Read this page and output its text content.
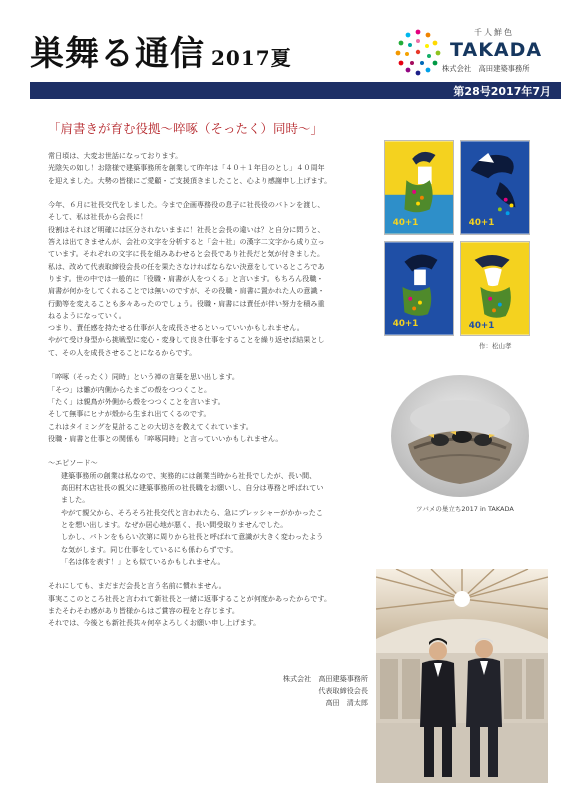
巣舞る通信 2017夏
千人鮮色
TAKADA
株式会社　高田建築事務所
第28号2017年7月
「肩書きが育む役拠～啐啄（そったく）同時～」

常日頃は、大変お世話になっております。

光陰矢の如し！お陰様で建築事務所を創業して昨年は「４０＋１年目のとし」４０周年

を迎えました。大勢の皆様にご愛顧・ご支援頂きましたこと、心より感謝申し上げます。

今年、６月に社長交代をしました。今まで企画専務役の息子に社長役のバトンを渡し、

そして、私は社長から会長に！

役割はそれほど明確には区分されないままに！社長と会長の違いは？と自分に問うと、

答えは出てきませんが、会社の文字を分析すると「会＋社」の漢字二文字から成り立っ

ています。それぞれの文字に長を組みあわせると会長であり社長だと気が付きました。

私は、改めて代表取締役会長の任を果たさなければならない決意をしているところであ

ります。世の中では一般的に「役職・肩書が人をつくる」と言います。もちろん役職・

肩書が何かをしてくれることでは無いのですが、その役職・肩書に置かれた人の意識・

行動等を変えることも多々あったのでしょう。役職・肩書には責任が伴い努力を積み重

ねるようになっていく。

つまり、責任感を持たせる仕事が人を成長させるといっていいかもしれません。

やがて受け身型から挑戦型に変心・変身して良き仕事をすることを繰り返せば結果とし

て、その人を成長させることになるからです。

「啐啄（そったく）同時」という禅の言葉を思い出します。

「そつ」は雛が内側からたまごの殻をつつくこと。

「たく」は親鳥が外側から殻をつつくことを言います。

そして無事にヒナが殻から生まれ出てくるのです。

これはタイミングを見計ることの大切さを教えてくれています。

役職・肩書と仕事との関係も「啐啄同時」と言っていいかもしれません。

～エピソード～

建築事務所の創業は私なので、実務的には創業当時から社長でしたが、長い間、

高田村木店社長の親父に建築事務所の社長職をお願いし、自分は専務と呼ばれてい

ました。

やがて親父から、そろそろ社長交代と言われたら、急にプレッシャーがかかったこ

とを想い出します。なぜか居心地が悪く、長い間受取りませんでした。

しかし、バトンをもらい次第に周りから社長と呼ばれて意識が大きく変わったよう

な気がします。同じ仕事をしているにも係わらずです。

「名は体を表す！」とも似ているかもしれません。

それにしても、まだまだ会長と言う名前に慣れません。

事実ここのところ社長と言われて新社長と一緒に返事することが何度かあったからです。

またそわそわ感があり皆様からはご賞容の程をと存じます。

それでは、今後とも新社長共々何卒よろしくお願い申し上げます。

株式会社　高田建築事務所

代表取締役会長

高田　清太郎

40+1	40+1
40+1	40+1
作：松山孝
ツバメの巣立ち2017 in TAKADA
